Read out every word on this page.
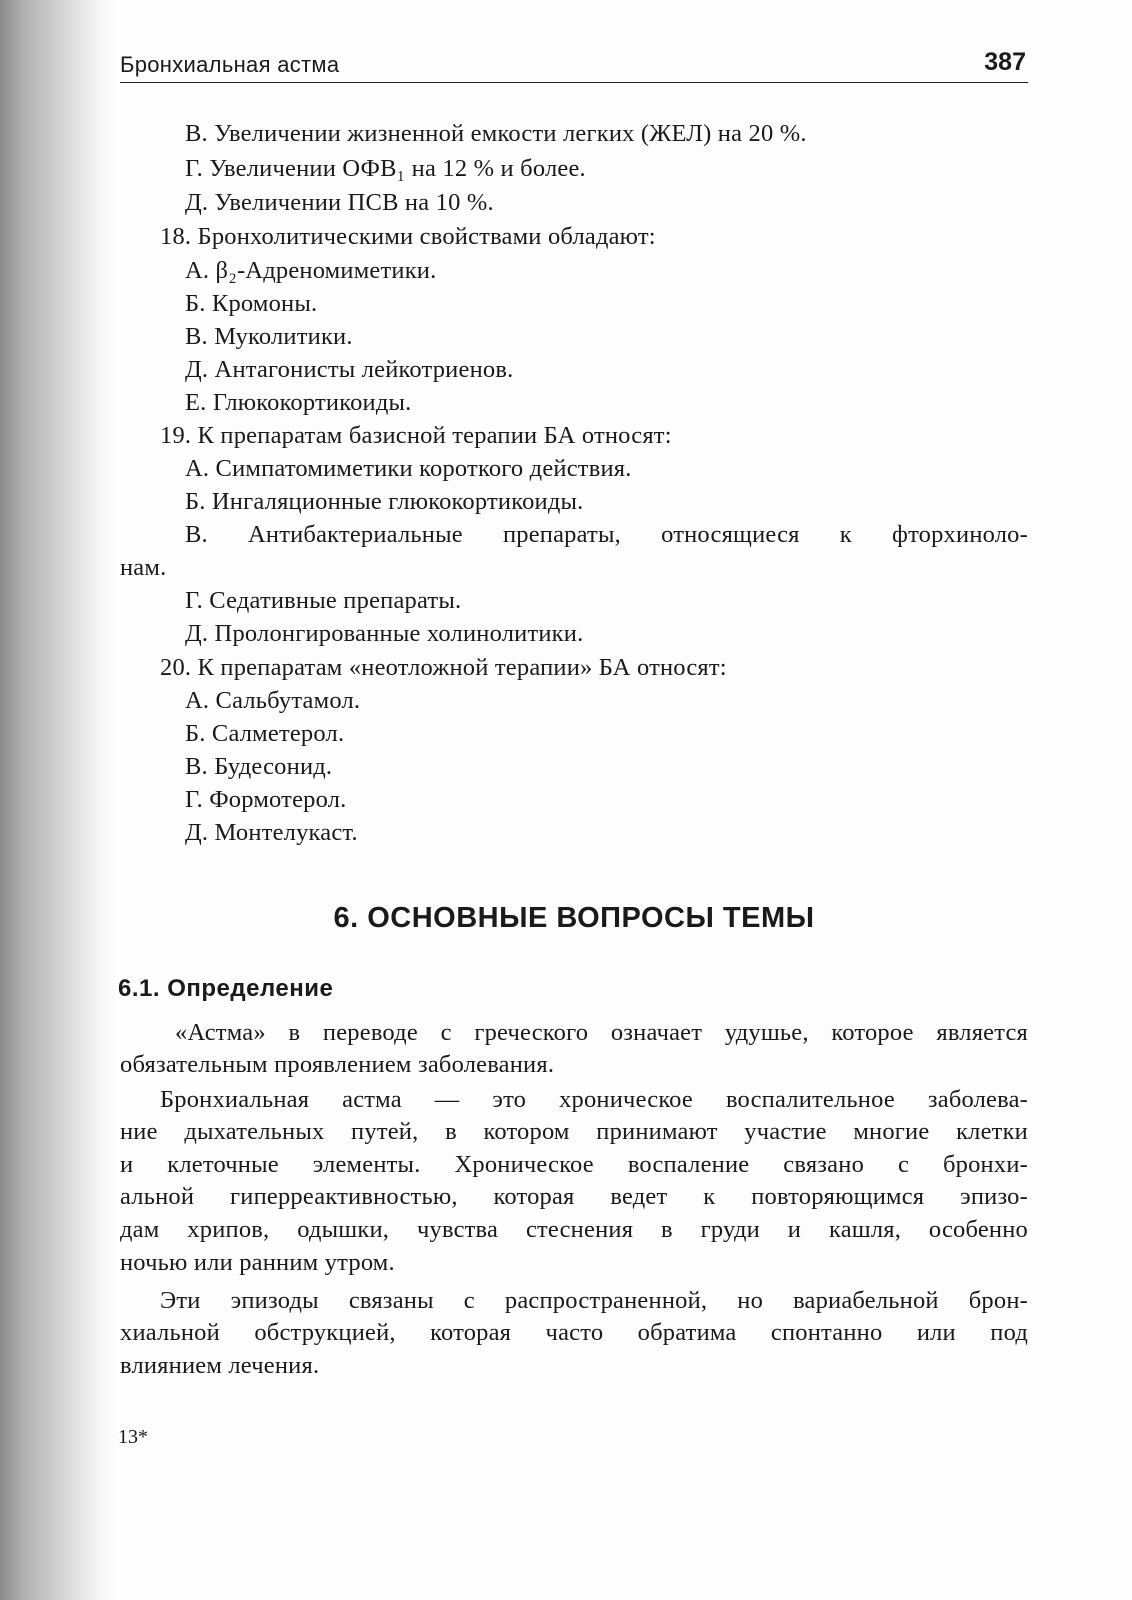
Бронхиальная астма	387
В. Увеличении жизненной емкости легких (ЖЕЛ) на 20 %.
Г. Увеличении ОФВ₁ на 12 % и более.
Д. Увеличении ПСВ на 10 %.
18. Бронхолитическими свойствами обладают:
А. β₂-Адреномиметики.
Б. Кромоны.
В. Муколитики.
Д. Антагонисты лейкотриенов.
Е. Глюкокортикоиды.
19. К препаратам базисной терапии БА относят:
А. Симпатомиметики короткого действия.
Б. Ингаляционные глюкокортикоиды.
В. Антибактериальные препараты, относящиеся к фторхиноло-
нам.
Г. Седативные препараты.
Д. Пролонгированные холинолитики.
20. К препаратам «неотложной терапии» БА относят:
А. Сальбутамол.
Б. Салметерол.
В. Будесонид.
Г. Формотерол.
Д. Монтелукаст.
6. ОСНОВНЫЕ ВОПРОСЫ ТЕМЫ
6.1. Определение
«Астма» в переводе с греческого означает удушье, которое является
обязательным проявлением заболевания.
Бронхиальная астма — это хроническое воспалительное заболева-
ние дыхательных путей, в котором принимают участие многие клетки
и клеточные элементы. Хроническое воспаление связано с бронхи-
альной гиперреактивностью, которая ведет к повторяющимся эпизо-
дам хрипов, одышки, чувства стеснения в груди и кашля, особенно
ночью или ранним утром.
Эти эпизоды связаны с распространенной, но вариабельной брон-
хиальной обструкцией, которая часто обратима спонтанно или под
влиянием лечения.
13*
